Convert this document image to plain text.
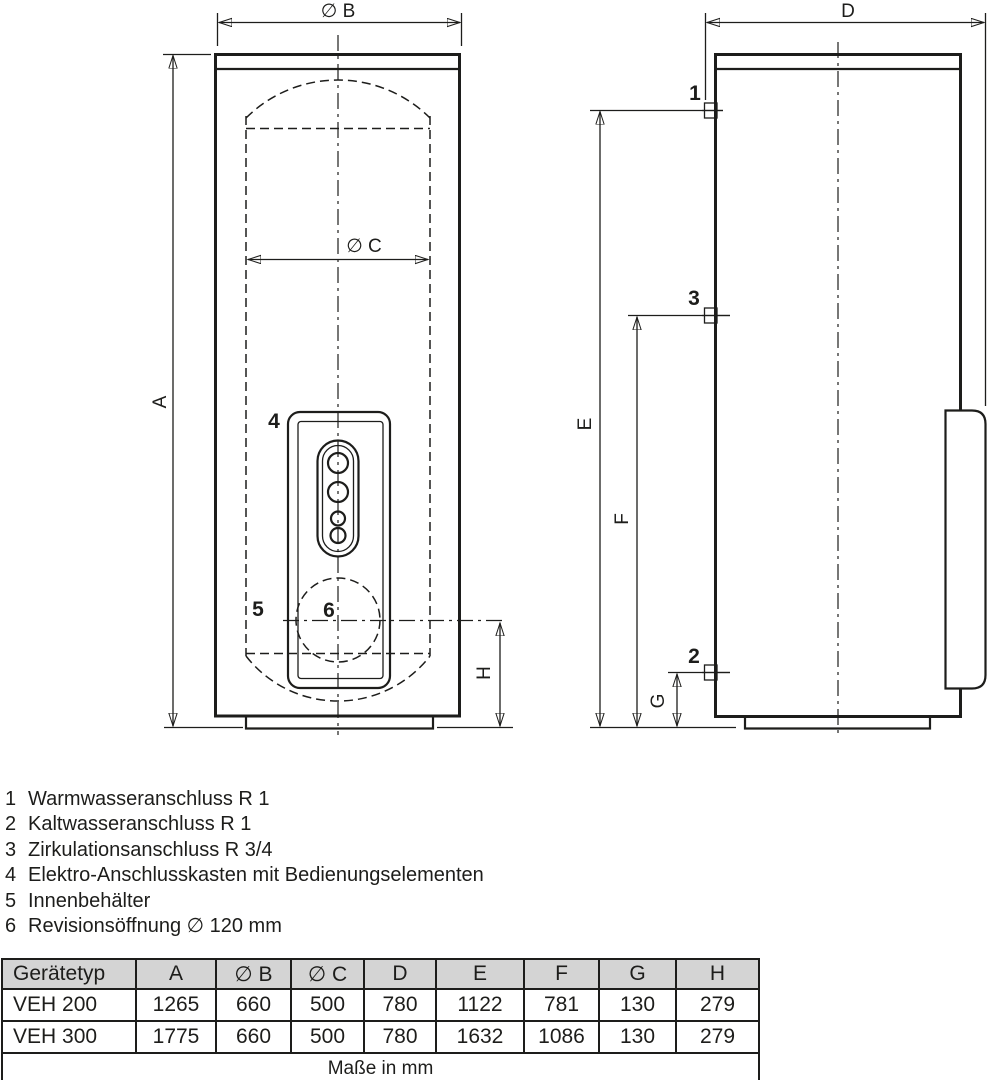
∅ B
A
∅ C
H
4
5	6
D
E
F
G
1
3
2
1 Warmwasseranschluss R 1
2 Kaltwasseranschluss R 1
3 Zirkulationsanschluss R 3/4
4 Elektro-Anschlusskasten mit Bedienungselementen
5 Innenbehälter
6 Revisionsöffnung ∅ 120 mm
Gerätetyp	A	∅ B	∅ C	D	E	F	G	H
VEH 200	1265	660	500	780	1122	781	130	279
VEH 300	1775	660	500	780	1632	1086	130	279
Maße in mm								
